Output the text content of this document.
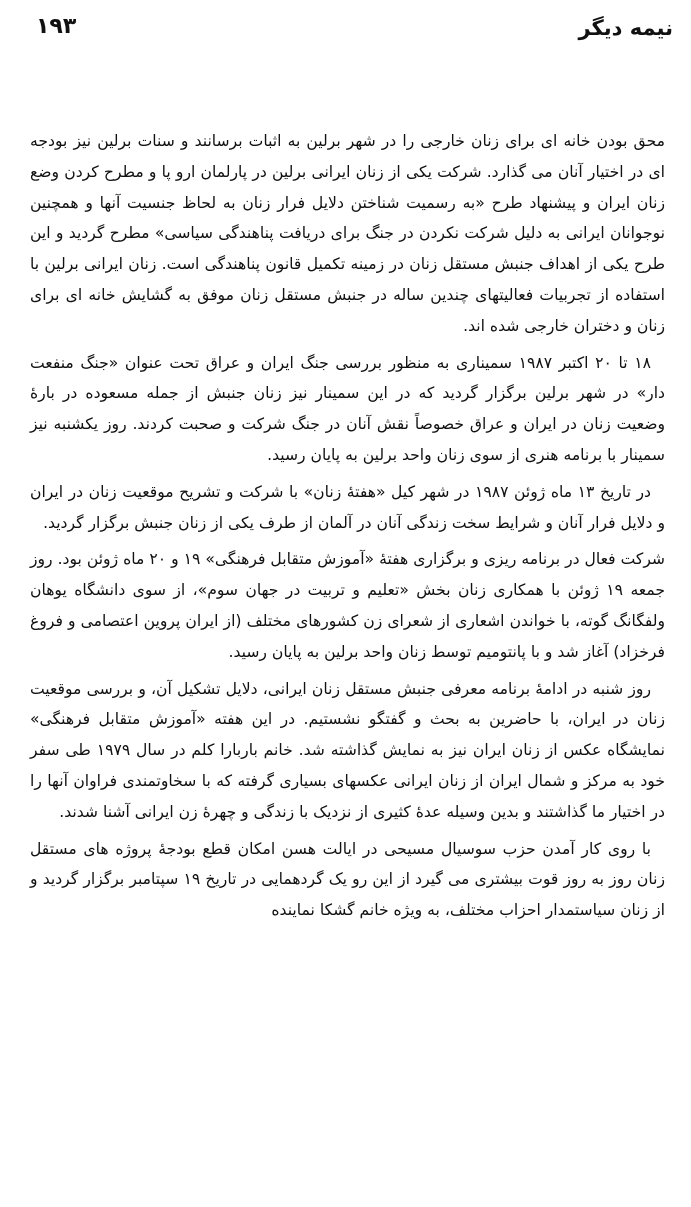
۱۹۳	نیمه دیگر

محق بودن خانه ای برای زنان خارجی را در شهر برلین به اثبات برسانند و سنات برلین نیز بودجه ای در اختیار آنان می گذارد. شرکت یکی از زنان ایرانی برلین در پارلمان ارو پا و مطرح کردن وضع زنان ایران و پیشنهاد طرح «به رسمیت شناختن دلایل فرار زنان به لحاظ جنسیت آنها و همچنین نوجوانان ایرانی به دلیل شرکت نکردن در جنگ برای دریافت پناهندگی سیاسی» مطرح گردید و این طرح یکی از اهداف جنبش مستقل زنان در زمینه تکمیل قانون پناهندگی است. زنان ایرانی برلین با استفاده از تجربیات فعالیتهای چندین ساله در جنبش مستقل زنان موفق به گشایش خانه ای برای زنان و دختران خارجی شده اند.

۱۸ تا ۲۰ اکتبر ۱۹۸۷ سمیناری به منظور بررسی جنگ ایران و عراق تحت عنوان «جنگ منفعت دار» در شهر برلین برگزار گردید که در این سمینار نیز زنان جنبش از جمله مسعوده در بارهٔ وضعیت زنان در ایران و عراق خصوصاً نقش آنان در جنگ شرکت و صحبت کردند. روز یکشنبه نیز سمینار با برنامه هنری از سوی زنان واحد برلین به پایان رسید.

در تاریخ ۱۳ ماه ژوئن ۱۹۸۷ در شهر کیل «هفتهٔ زنان» با شرکت و تشریح موقعیت زنان در ایران و دلایل فرار آنان و شرایط سخت زندگی آنان در آلمان از طرف یکی از زنان جنبش برگزار گردید.

شرکت فعال در برنامه ریزی و برگزاری هفتهٔ «آموزش متقابل فرهنگی» ۱۹ و ۲۰ ماه ژوئن بود. روز جمعه ۱۹ ژوئن با همکاری زنان بخش «تعلیم و تربیت در جهان سوم»، از سوی دانشگاه یوهان ولفگانگ گوته، با خواندن اشعاری از شعرای زن کشورهای مختلف (از ایران پروین اعتصامی و فروغ فرخزاد) آغاز شد و با پانتومیم توسط زنان واحد برلین به پایان رسید.

روز شنبه در ادامهٔ برنامه معرفی جنبش مستقل زنان ایرانی، دلایل تشکیل آن، و بررسی موقعیت زنان در ایران، با حاضرین به بحث و گفتگو نشستیم. در این هفته «آموزش متقابل فرهنگی» نمایشگاه عکس از زنان ایران نیز به نمایش گذاشته شد. خانم باربارا کلم در سال ۱۹۷۹ طی سفر خود به مرکز و شمال ایران از زنان ایرانی عکسهای بسیاری گرفته که با سخاوتمندی فراوان آنها را در اختیار ما گذاشتند و بدین وسیله عدهٔ کثیری از نزدیک با زندگی و چهرهٔ زن ایرانی آشنا شدند.

با روی کار آمدن حزب سوسیال مسیحی در ایالت هسن امکان قطع بودجهٔ پروژه های مستقل زنان روز به روز قوت بیشتری می گیرد از این رو یک گردهمایی در تاریخ ۱۹ سپتامبر برگزار گردید و از زنان سیاستمدار احزاب مختلف، به ویژه خانم گشکا نماینده
